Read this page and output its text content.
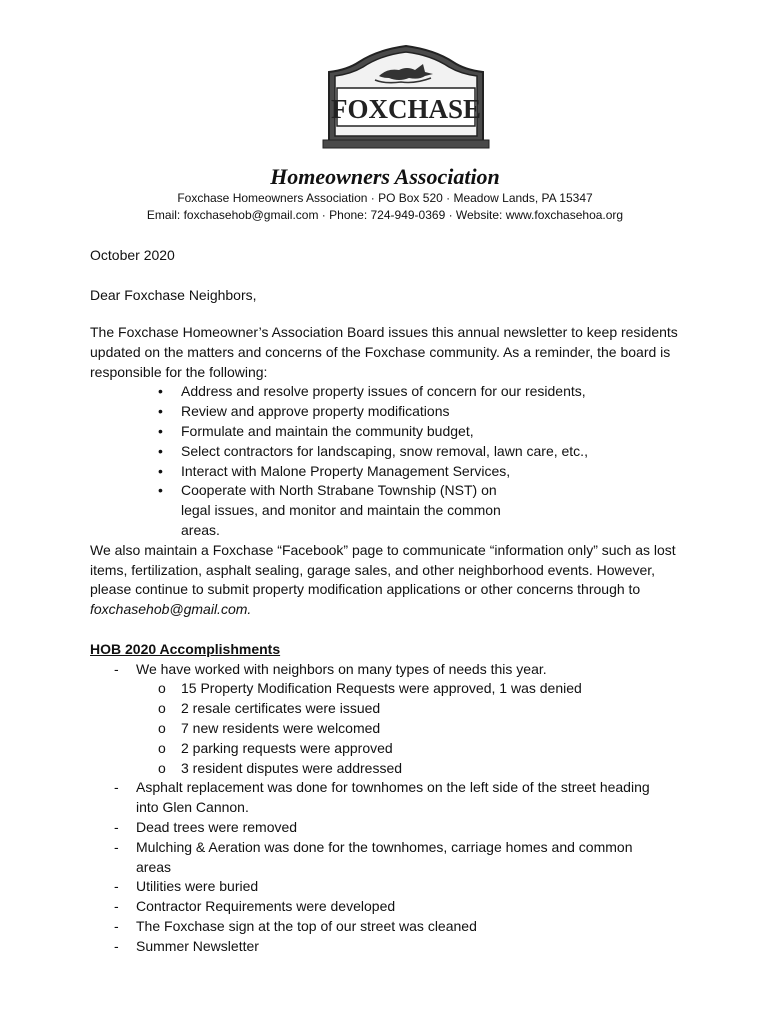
FOXCHASE
Homeowners Association
Foxchase Homeowners Association · PO Box 520 · Meadow Lands, PA 15347
Email: foxchasehob@gmail.com · Phone: 724-949-0369 · Website: www.foxchasehoa.org
October 2020
Dear Foxchase Neighbors,
The Foxchase Homeowner’s Association Board issues this annual newsletter to keep residents updated on the matters and concerns of the Foxchase community. As a reminder, the board is responsible for the following:
• Address and resolve property issues of concern for our residents,
• Review and approve property modifications
• Formulate and maintain the community budget,
• Select contractors for landscaping, snow removal, lawn care, etc.,
• Interact with Malone Property Management Services,
• Cooperate with North Strabane Township (NST) on legal issues, and monitor and maintain the common areas.
We also maintain a Foxchase “Facebook” page to communicate “information only” such as lost items, fertilization, asphalt sealing, garage sales, and other neighborhood events. However, please continue to submit property modification applications or other concerns through to foxchasehob@gmail.com.
HOB 2020 Accomplishments
- We have worked with neighbors on many types of needs this year.
o 15 Property Modification Requests were approved, 1 was denied
o 2 resale certificates were issued
o 7 new residents were welcomed
o 2 parking requests were approved
o 3 resident disputes were addressed
- Asphalt replacement was done for townhomes on the left side of the street heading into Glen Cannon.
- Dead trees were removed
- Mulching & Aeration was done for the townhomes, carriage homes and common areas
- Utilities were buried
- Contractor Requirements were developed
- The Foxchase sign at the top of our street was cleaned
- Summer Newsletter
